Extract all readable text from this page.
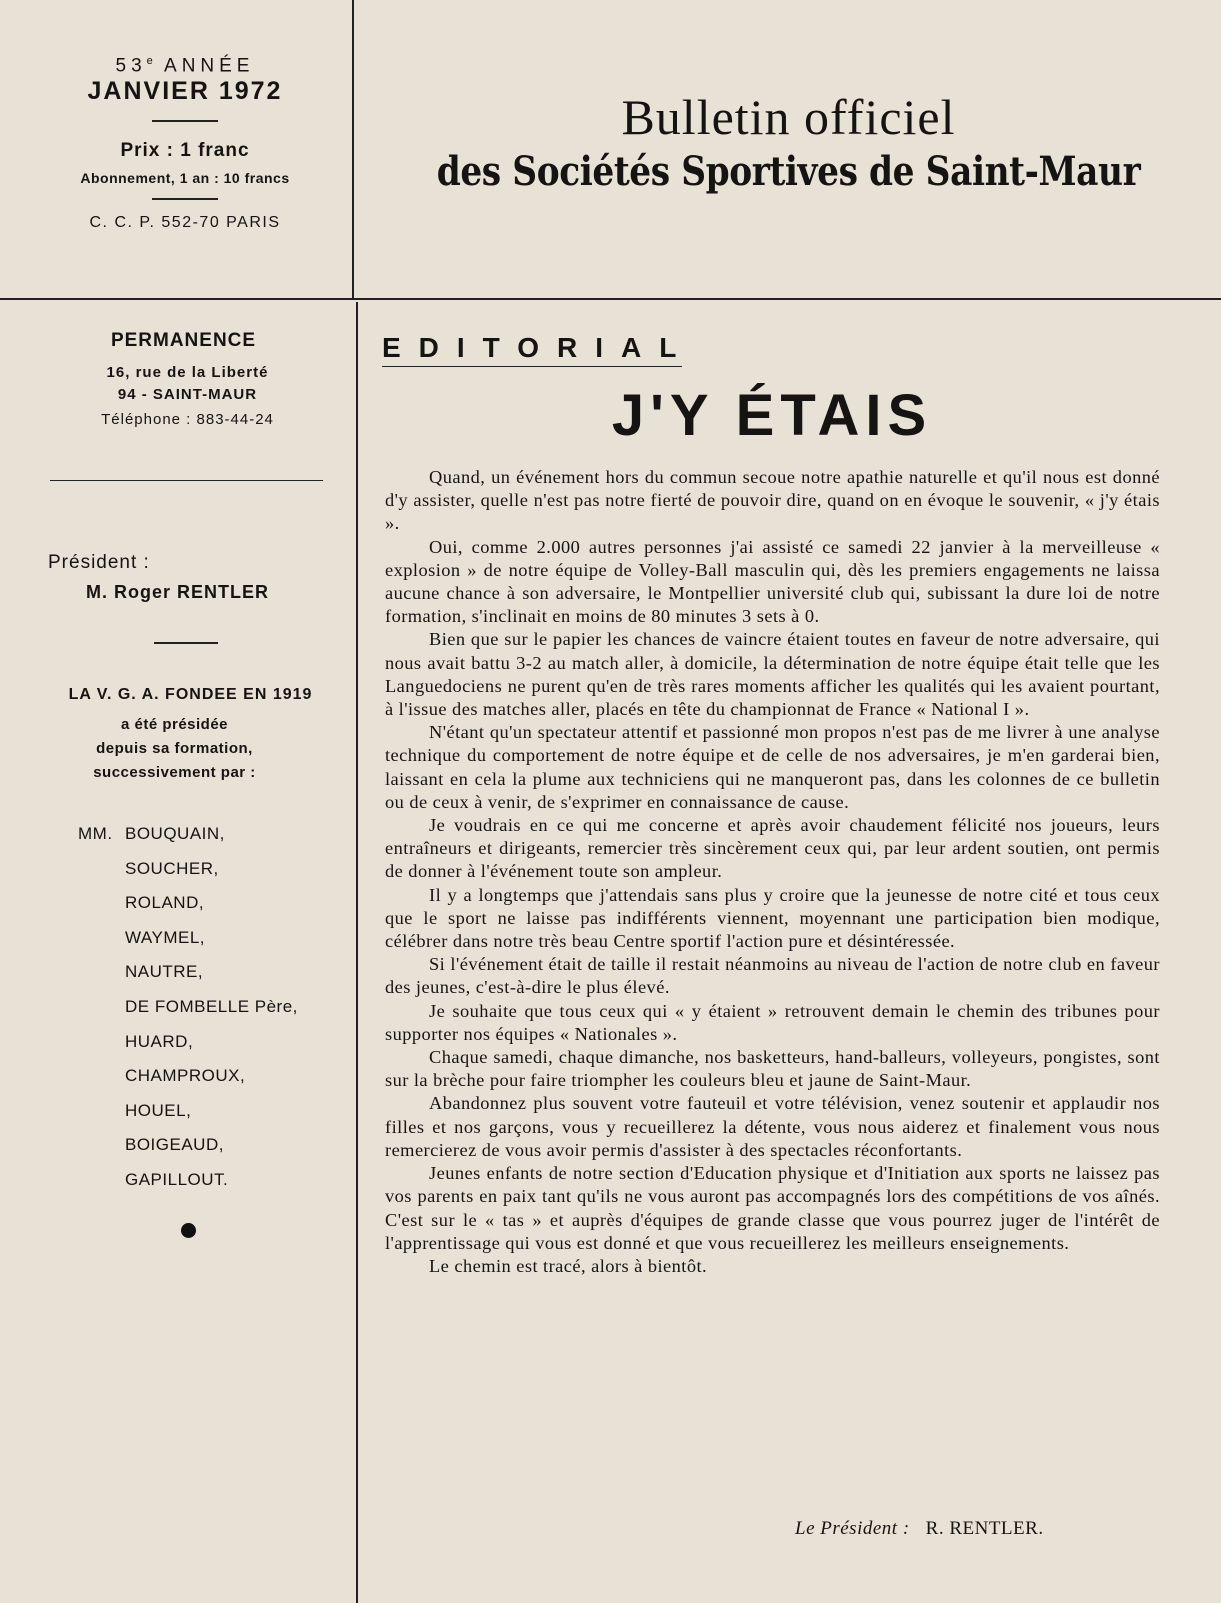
53e ANNÉE
JANVIER 1972
Prix : 1 franc
Abonnement, 1 an : 10 francs
C. C. P. 552-70 PARIS
Bulletin officiel
des Sociétés Sportives de Saint-Maur
PERMANENCE
16, rue de la Liberté
94 - SAINT-MAUR
Téléphone : 883-44-24
Président :
M. Roger RENTLER
LA V. G. A. FONDEE EN 1919
a été présidée
depuis sa formation,
successivement par :
MM. BOUQUAIN,
SOUCHER,
ROLAND,
WAYMEL,
NAUTRE,
DE FOMBELLE Père,
HUARD,
CHAMPROUX,
HOUEL,
BOIGEAUD,
GAPILLOUT.
EDITORIAL
J'Y ÉTAIS

Quand, un événement hors du commun secoue notre apathie naturelle et qu'il nous est donné d'y assister, quelle n'est pas notre fierté de pouvoir dire, quand on en évoque le souvenir, « j'y étais ».

Oui, comme 2.000 autres personnes j'ai assisté ce samedi 22 janvier à la merveilleuse « explosion » de notre équipe de Volley-Ball masculin qui, dès les premiers engagements ne laissa aucune chance à son adversaire, le Montpellier université club qui, subissant la dure loi de notre formation, s'inclinait en moins de 80 minutes 3 sets à 0.

Bien que sur le papier les chances de vaincre étaient toutes en faveur de notre adversaire, qui nous avait battu 3-2 au match aller, à domicile, la détermination de notre équipe était telle que les Languedociens ne purent qu'en de très rares moments afficher les qualités qui les avaient pourtant, à l'issue des matches aller, placés en tête du championnat de France « National I ».

N'étant qu'un spectateur attentif et passionné mon propos n'est pas de me livrer à une analyse technique du comportement de notre équipe et de celle de nos adversaires, je m'en garderai bien, laissant en cela la plume aux techniciens qui ne manqueront pas, dans les colonnes de ce bulletin ou de ceux à venir, de s'exprimer en connaissance de cause.

Je voudrais en ce qui me concerne et après avoir chaudement félicité nos joueurs, leurs entraîneurs et dirigeants, remercier très sincèrement ceux qui, par leur ardent soutien, ont permis de donner à l'événement toute son ampleur.

Il y a longtemps que j'attendais sans plus y croire que la jeunesse de notre cité et tous ceux que le sport ne laisse pas indifférents viennent, moyennant une participation bien modique, célébrer dans notre très beau Centre sportif l'action pure et désintéressée.

Si l'événement était de taille il restait néanmoins au niveau de l'action de notre club en faveur des jeunes, c'est-à-dire le plus élevé.

Je souhaite que tous ceux qui « y étaient » retrouvent demain le chemin des tribunes pour supporter nos équipes « Nationales ».

Chaque samedi, chaque dimanche, nos basketteurs, hand-balleurs, volleyeurs, pongistes, sont sur la brèche pour faire triompher les couleurs bleu et jaune de Saint-Maur.

Abandonnez plus souvent votre fauteuil et votre télévision, venez soutenir et applaudir nos filles et nos garçons, vous y recueillerez la détente, vous nous aiderez et finalement vous nous remercierez de vous avoir permis d'assister à des spectacles réconfortants.

Jeunes enfants de notre section d'Education physique et d'Initiation aux sports ne laissez pas vos parents en paix tant qu'ils ne vous auront pas accompagnés lors des compétitions de vos aînés. C'est sur le « tas » et auprès d'équipes de grande classe que vous pourrez juger de l'intérêt de l'apprentissage qui vous est donné et que vous recueillerez les meilleurs enseignements.

Le chemin est tracé, alors à bientôt.

Le Président : R. RENTLER.
